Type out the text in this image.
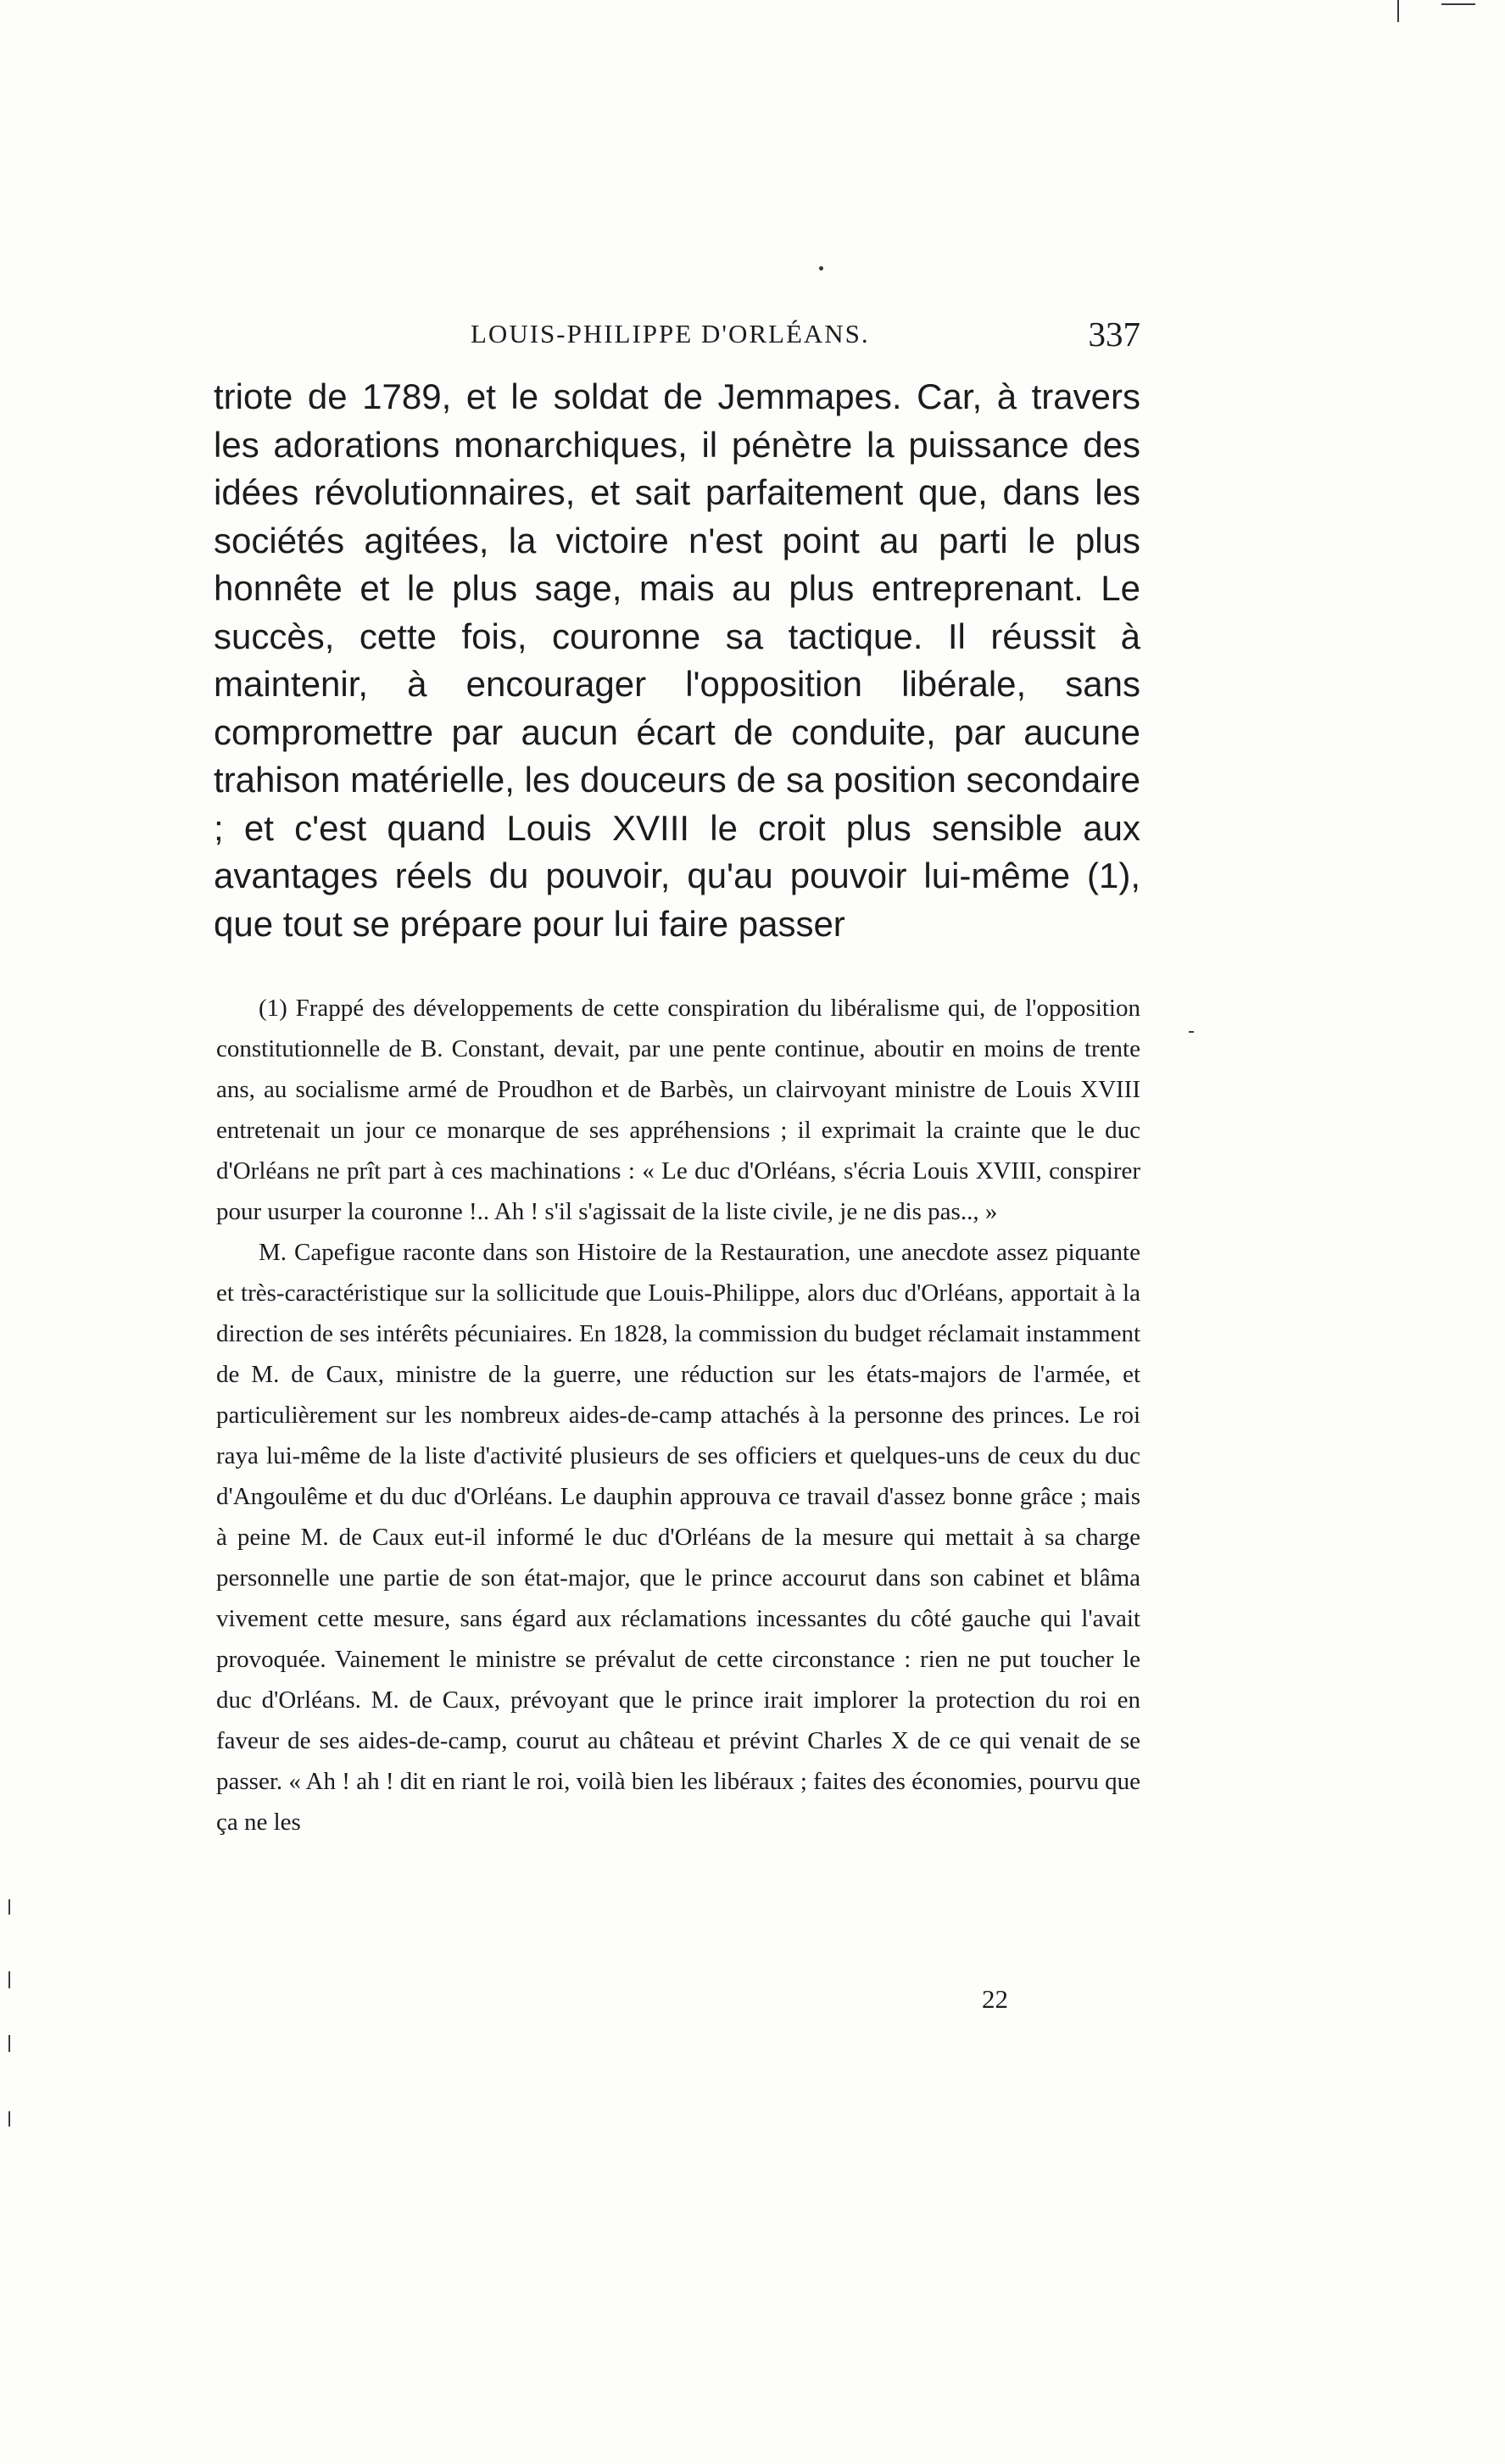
LOUIS-PHILIPPE D'ORLÉANS.	337

triote de 1789, et le soldat de Jemmapes. Car, à travers les adorations monarchiques, il pénètre la puissance des idées révolutionnaires, et sait parfaitement que, dans les sociétés agitées, la victoire n'est point au parti le plus honnête et le plus sage, mais au plus entreprenant. Le succès, cette fois, couronne sa tactique. Il réussit à maintenir, à encourager l'opposition libérale, sans compromettre par aucun écart de conduite, par aucune trahison matérielle, les douceurs de sa position secondaire ; et c'est quand Louis XVIII le croit plus sensible aux avantages réels du pouvoir, qu'au pouvoir lui-même (1), que tout se prépare pour lui faire passer

(1) Frappé des développements de cette conspiration du libéralisme qui, de l'opposition constitutionnelle de B. Constant, devait, par une pente continue, aboutir en moins de trente ans, au socialisme armé de Proudhon et de Barbès, un clairvoyant ministre de Louis XVIII entretenait un jour ce monarque de ses appréhensions ; il exprimait la crainte que le duc d'Orléans ne prît part à ces machinations : « Le duc d'Orléans, s'écria Louis XVIII, conspirer pour usurper la couronne !.. Ah ! s'il s'agissait de la liste civile, je ne dis pas.., »

M. Capefigue raconte dans son Histoire de la Restauration, une anecdote assez piquante et très-caractéristique sur la sollicitude que Louis-Philippe, alors duc d'Orléans, apportait à la direction de ses intérêts pécuniaires. En 1828, la commission du budget réclamait instamment de M. de Caux, ministre de la guerre, une réduction sur les états-majors de l'armée, et particulièrement sur les nombreux aides-de-camp attachés à la personne des princes. Le roi raya lui-même de la liste d'activité plusieurs de ses officiers et quelques-uns de ceux du duc d'Angoulême et du duc d'Orléans. Le dauphin approuva ce travail d'assez bonne grâce ; mais à peine M. de Caux eut-il informé le duc d'Orléans de la mesure qui mettait à sa charge personnelle une partie de son état-major, que le prince accourut dans son cabinet et blâma vivement cette mesure, sans égard aux réclamations incessantes du côté gauche qui l'avait provoquée. Vainement le ministre se prévalut de cette circonstance : rien ne put toucher le duc d'Orléans. M. de Caux, prévoyant que le prince irait implorer la protection du roi en faveur de ses aides-de-camp, courut au château et prévint Charles X de ce qui venait de se passer. « Ah ! ah ! dit en riant le roi, voilà bien les libéraux ; faites des économies, pourvu que ça ne les

22
